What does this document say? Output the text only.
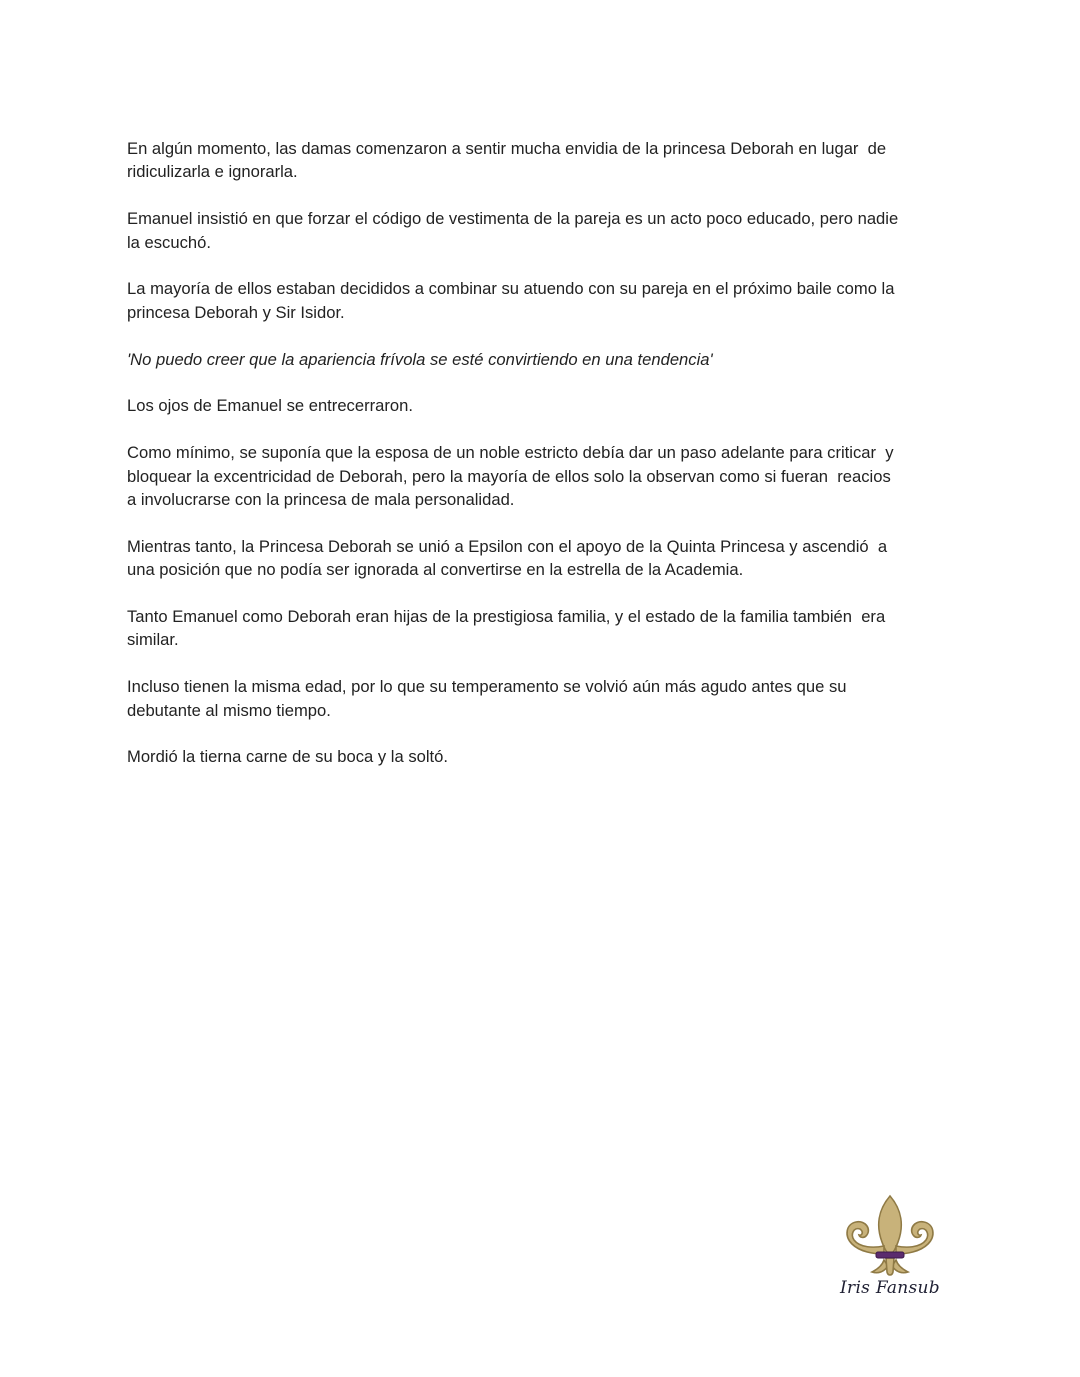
En algún momento, las damas comenzaron a sentir mucha envidia de la princesa Deborah en lugar  de
ridiculizarla e ignorarla.

Emanuel insistió en que forzar el código de vestimenta de la pareja es un acto poco educado, pero nadie
la escuchó.

La mayoría de ellos estaban decididos a combinar su atuendo con su pareja en el próximo baile como la
princesa Deborah y Sir Isidor.

'No puedo creer que la apariencia frívola se esté convirtiendo en una tendencia'

Los ojos de Emanuel se entrecerraron.

Como mínimo, se suponía que la esposa de un noble estricto debía dar un paso adelante para criticar  y
bloquear la excentricidad de Deborah, pero la mayoría de ellos solo la observan como si fueran  reacios
a involucrarse con la princesa de mala personalidad.

Mientras tanto, la Princesa Deborah se unió a Epsilon con el apoyo de la Quinta Princesa y ascendió  a
una posición que no podía ser ignorada al convertirse en la estrella de la Academia.

Tanto Emanuel como Deborah eran hijas de la prestigiosa familia, y el estado de la familia también  era
similar.

Incluso tienen la misma edad, por lo que su temperamento se volvió aún más agudo antes que su
debutante al mismo tiempo.

Mordió la tierna carne de su boca y la soltó.

Iris Fansub
